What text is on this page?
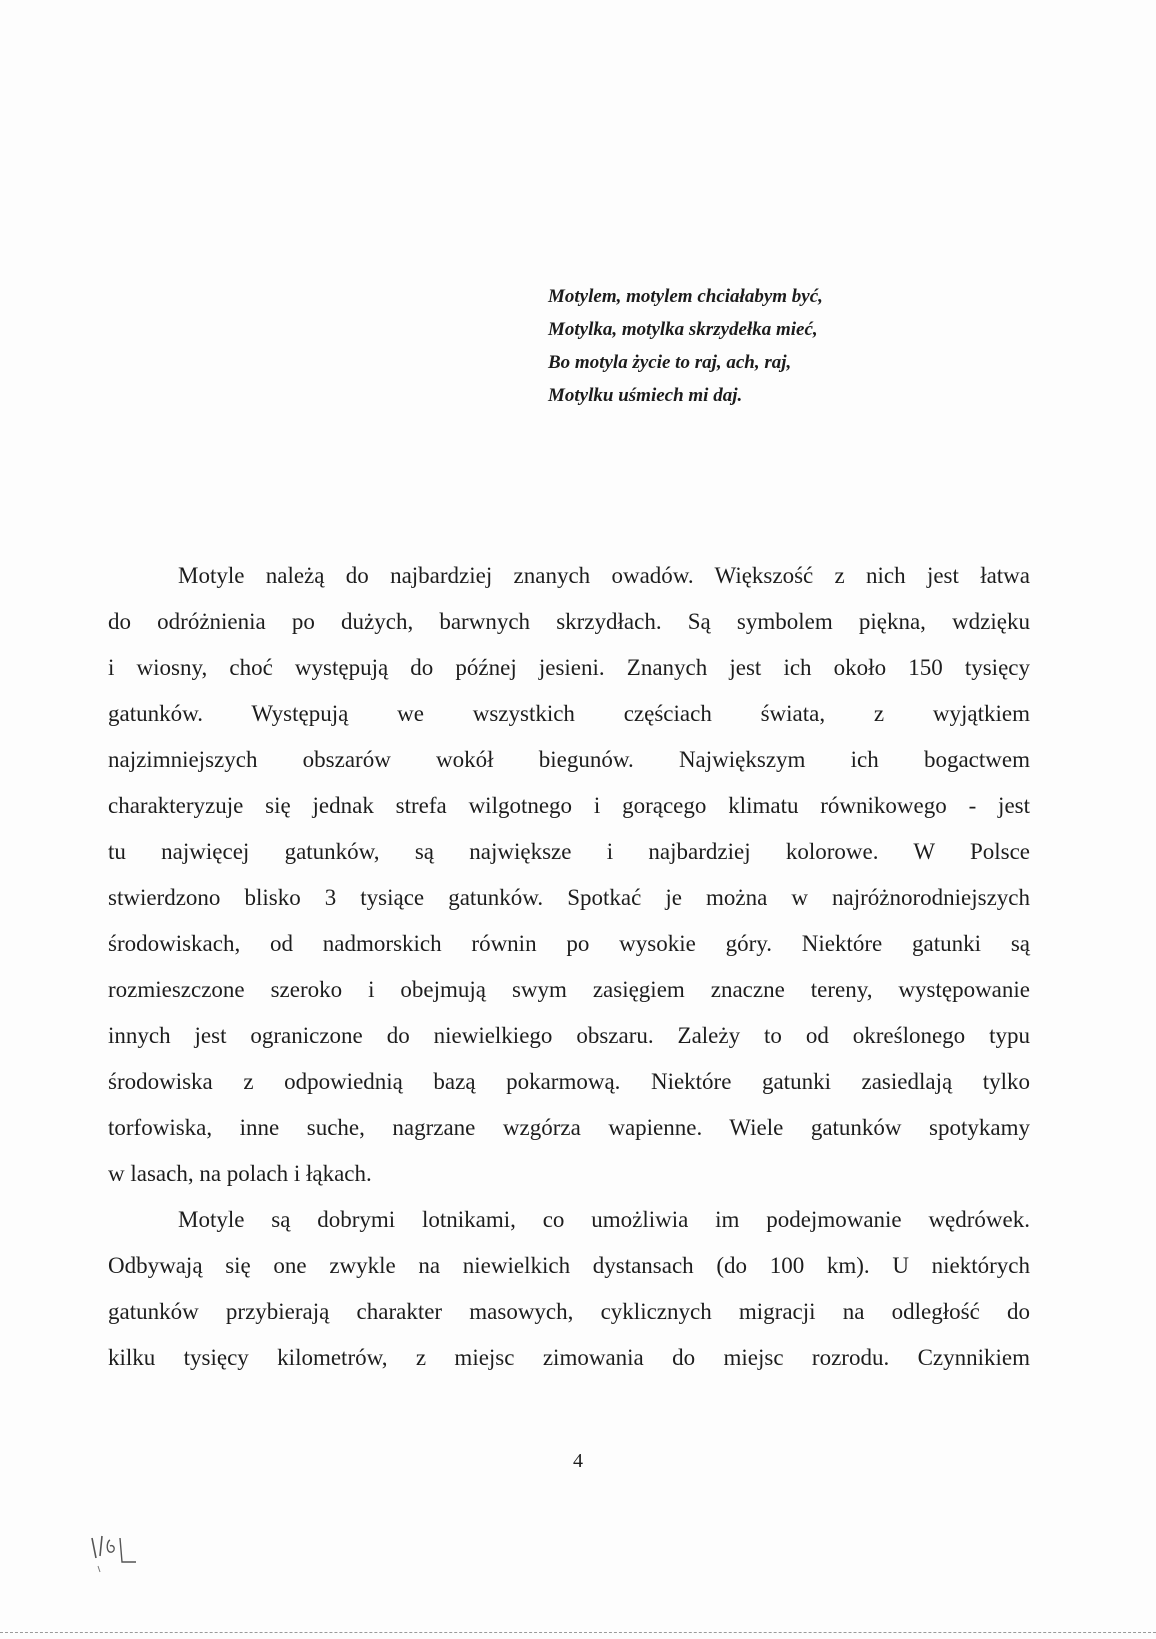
Motylem, motylem chciałabym być,
Motylka, motylka skrzydełka mieć,
Bo motyla życie to raj, ach, raj,
Motylku uśmiech mi daj.
Motyle należą do najbardziej znanych owadów. Większość z nich jest łatwa
do odróżnienia po dużych, barwnych skrzydłach. Są symbolem piękna, wdzięku
i wiosny, choć występują do późnej jesieni. Znanych jest ich około 150 tysięcy
gatunków. Występują we wszystkich częściach świata, z wyjątkiem
najzimniejszych obszarów wokół biegunów. Największym ich bogactwem
charakteryzuje się jednak strefa wilgotnego i gorącego klimatu równikowego - jest
tu najwięcej gatunków, są największe i najbardziej kolorowe. W Polsce
stwierdzono blisko 3 tysiące gatunków. Spotkać je można w najróżnorodniejszych
środowiskach, od nadmorskich równin po wysokie góry. Niektóre gatunki są
rozmieszczone szeroko i obejmują swym zasięgiem znaczne tereny, występowanie
innych jest ograniczone do niewielkiego obszaru. Zależy to od określonego typu
środowiska z odpowiednią bazą pokarmową. Niektóre gatunki zasiedlają tylko
torfowiska, inne suche, nagrzane wzgórza wapienne. Wiele gatunków spotykamy
w lasach, na polach i łąkach.
Motyle są dobrymi lotnikami, co umożliwia im podejmowanie wędrówek.
Odbywają się one zwykle na niewielkich dystansach (do 100 km). U niektórych
gatunków przybierają charakter masowych, cyklicznych migracji na odległość do
kilku tysięcy kilometrów, z miejsc zimowania do miejsc rozrodu. Czynnikiem
4
